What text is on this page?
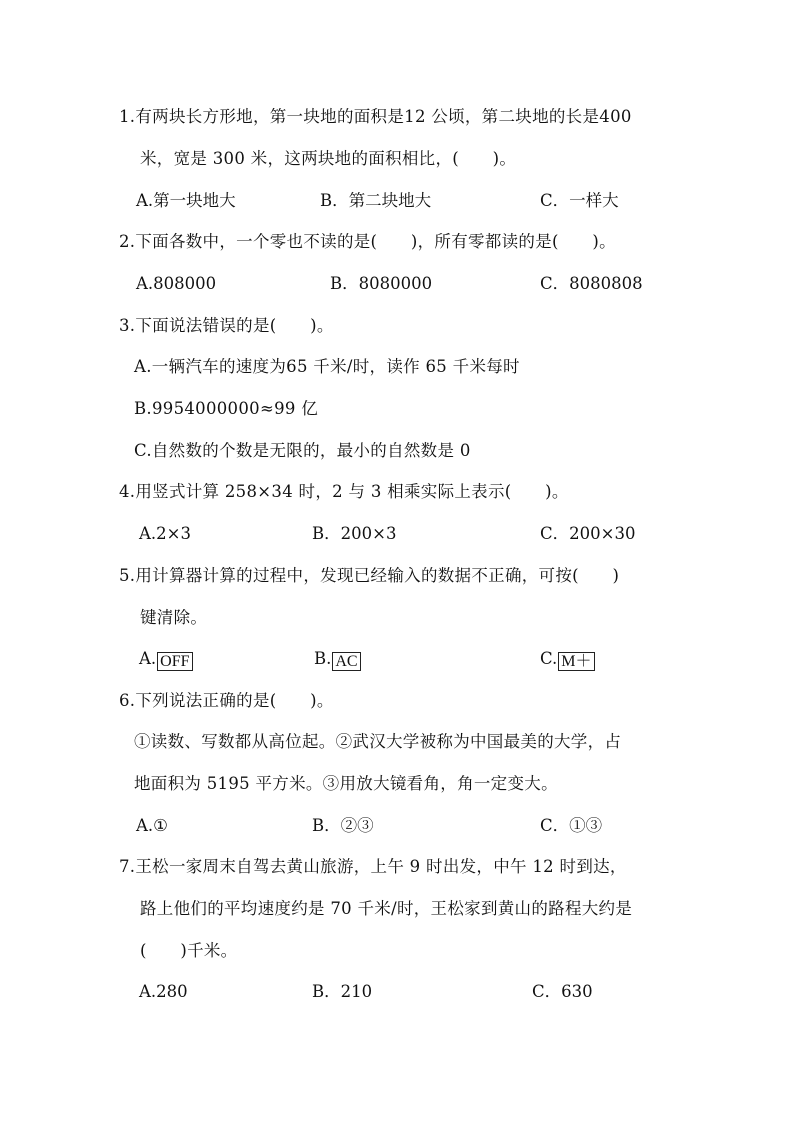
1.有两块长方形地，第一块地的面积是12 公顷，第二块地的长是400
米，宽是 300 米，这两块地的面积相比，(　　)。
A.第一块地大	B．第二块地大	C．一样大
2.下面各数中，一个零也不读的是(　　)，所有零都读的是(　　)。
A.808000	B．8080000	C．8080808
3.下面说法错误的是(　　)。
A.一辆汽车的速度为65 千米/时，读作 65 千米每时
B.9954000000≈99 亿
C.自然数的个数是无限的，最小的自然数是 0
4.用竖式计算 258×34 时，2 与 3 相乘实际上表示(　　)。
A.2×3	B．200×3	C．200×30
5.用计算器计算的过程中，发现已经输入的数据不正确，可按(　　)
键清除。
A. OFF	B. AC	C. M＋
6.下列说法正确的是(　　)。
①读数、写数都从高位起。②武汉大学被称为中国最美的大学，占
地面积为 5195 平方米。③用放大镜看角，角一定变大。
A.①	B．②③	C．①③
7.王松一家周末自驾去黄山旅游，上午 9 时出发，中午 12 时到达，
路上他们的平均速度约是 70 千米/时，王松家到黄山的路程大约是
(　　)千米。
A.280	B．210	C．630
